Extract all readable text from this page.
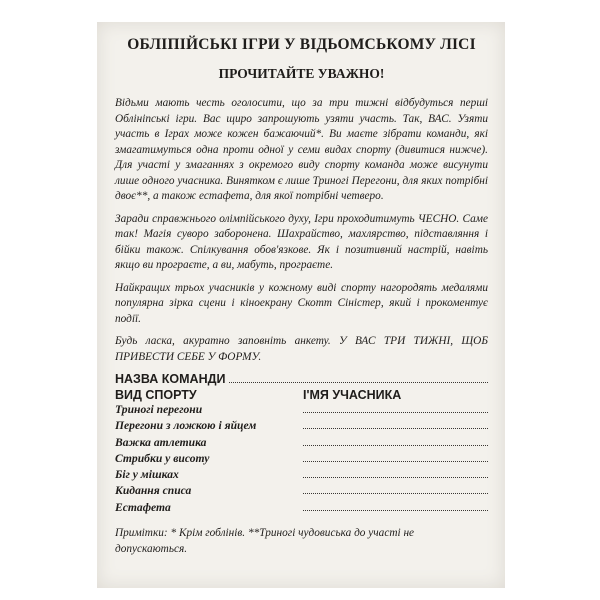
ОБЛІПІЙСЬКІ ІГРИ У ВІДЬОМСЬКОМУ ЛІСІ
ПРОЧИТАЙТЕ УВАЖНО!

Відьми мають честь оголосити, що за три тижні відбудуться перші Облініпські ігри. Вас щиро запрошують узяти участь. Так, ВАС. Узяти участь в Іграх може кожен бажаючий*. Ви маєте зібрати команди, які змагатимуться одна проти одної у семи видах спорту (дивитися нижче). Для участі у змаганнях з окремого виду спорту команда може висунути лише одного учасника. Винятком є лише Триногі Перегони, для яких потрібні двоє**, а також естафета, для якої потрібні четверо.

Заради справжнього олімпійського духу, Ігри проходитимуть ЧЕСНО. Саме так! Магія суворо заборонена. Шахрайство, махлярство, підставляння і бійки також. Спілкування обов'язкове. Як і позитивний настрій, навіть якщо ви програєте, а ви, мабуть, програєте.

Найкращих трьох учасників у кожному виді спорту нагородять медалями популярна зірка сцени і кіноекрану Скотт Сіністер, який і прокоментує події.

Будь ласка, акуратно заповніть анкету. У ВАС ТРИ ТИЖНІ, ЩОБ ПРИВЕСТИ СЕБЕ У ФОРМУ.

НАЗВА КОМАНДИ
ВИД СПОРТУ	І'МЯ УЧАСНИКА
Триногі перегони
Перегони з ложкою і яйцем
Важка атлетика
Стрибки у висоту
Біг у мішках
Кидання списа
Естафета
Примітки: * Крім гоблінів. **Триногі чудовиська до участі не допускаються.
